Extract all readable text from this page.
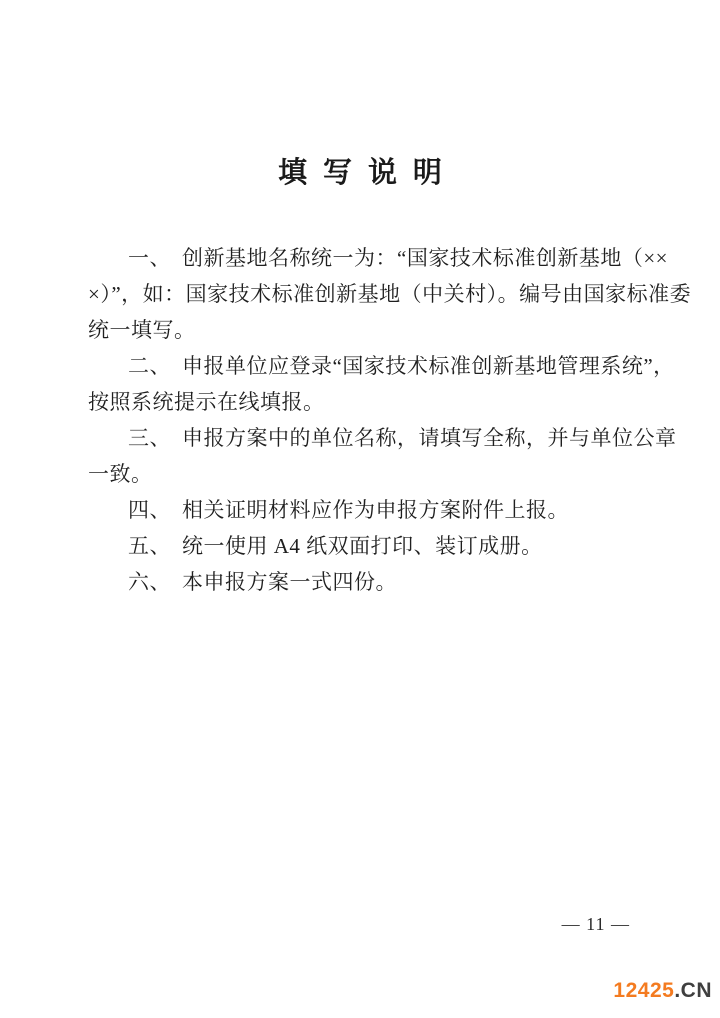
填写说明
一、　创新基地名称统一为：“国家技术标准创新基地（××
×）”，如：国家技术标准创新基地（中关村）。编号由国家标准委
统一填写。
二、　申报单位应登录“国家技术标准创新基地管理系统”，
按照系统提示在线填报。
三、　申报方案中的单位名称，请填写全称，并与单位公章
一致。
四、　相关证明材料应作为申报方案附件上报。
五、　统一使用 A4 纸双面打印、装订成册。
六、　本申报方案一式四份。
— 11 —
12425.CN
